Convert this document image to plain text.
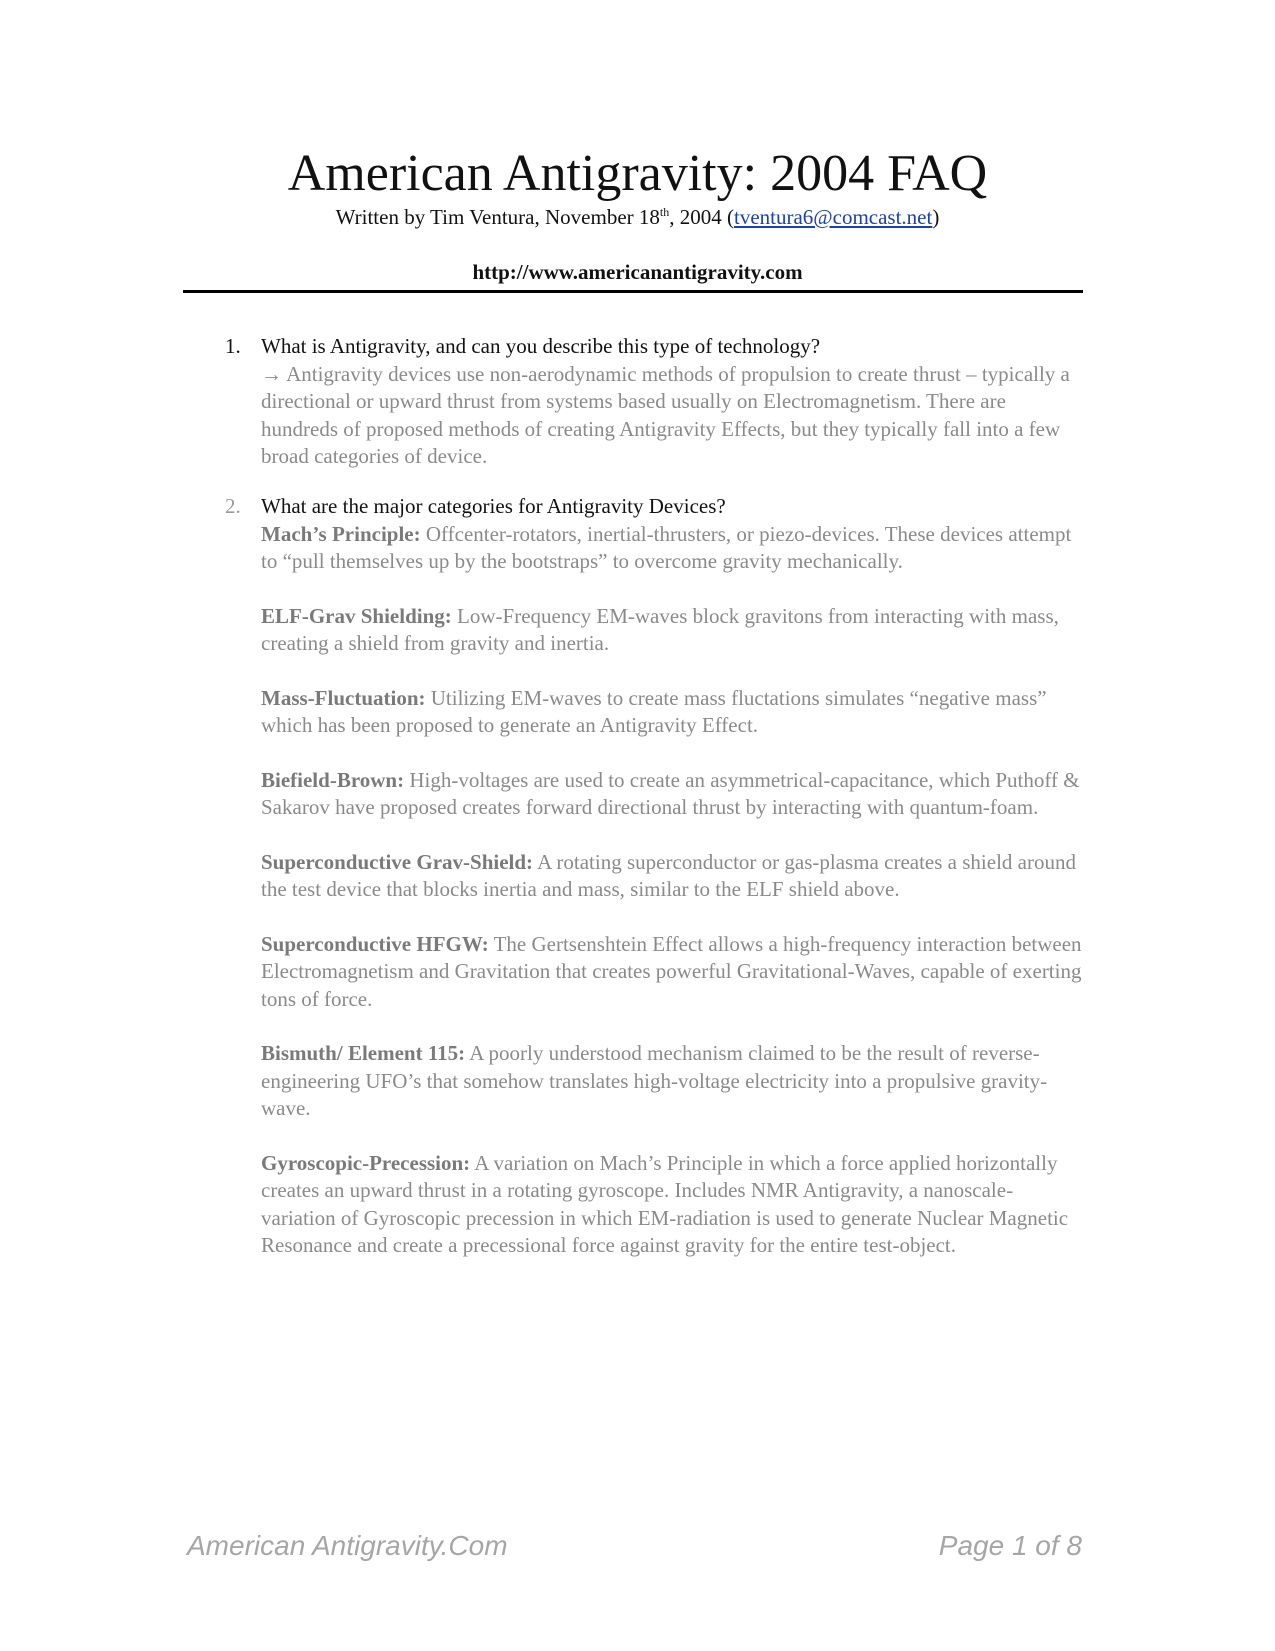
American Antigravity: 2004 FAQ
Written by Tim Ventura, November 18th, 2004 (tventura6@comcast.net)
http://www.americanantigravity.com
1. What is Antigravity, and can you describe this type of technology?
→ Antigravity devices use non-aerodynamic methods of propulsion to create thrust – typically a directional or upward thrust from systems based usually on Electromagnetism. There are hundreds of proposed methods of creating Antigravity Effects, but they typically fall into a few broad categories of device.
2. What are the major categories for Antigravity Devices?
Mach’s Principle: Offcenter-rotators, inertial-thrusters, or piezo-devices. These devices attempt to “pull themselves up by the bootstraps” to overcome gravity mechanically.
ELF-Grav Shielding: Low-Frequency EM-waves block gravitons from interacting with mass, creating a shield from gravity and inertia.
Mass-Fluctuation: Utilizing EM-waves to create mass fluctations simulates “negative mass” which has been proposed to generate an Antigravity Effect.
Biefield-Brown: High-voltages are used to create an asymmetrical-capacitance, which Puthoff & Sakarov have proposed creates forward directional thrust by interacting with quantum-foam.
Superconductive Grav-Shield: A rotating superconductor or gas-plasma creates a shield around the test device that blocks inertia and mass, similar to the ELF shield above.
Superconductive HFGW: The Gertsenshtein Effect allows a high-frequency interaction between Electromagnetism and Gravitation that creates powerful Gravitational-Waves, capable of exerting tons of force.
Bismuth/ Element 115: A poorly understood mechanism claimed to be the result of reverse-engineering UFO’s that somehow translates high-voltage electricity into a propulsive gravity-wave.
Gyroscopic-Precession: A variation on Mach’s Principle in which a force applied horizontally creates an upward thrust in a rotating gyroscope. Includes NMR Antigravity, a nanoscale-variation of Gyroscopic precession in which EM-radiation is used to generate Nuclear Magnetic Resonance and create a precessional force against gravity for the entire test-object.
American Antigravity.Com	Page 1 of 8
